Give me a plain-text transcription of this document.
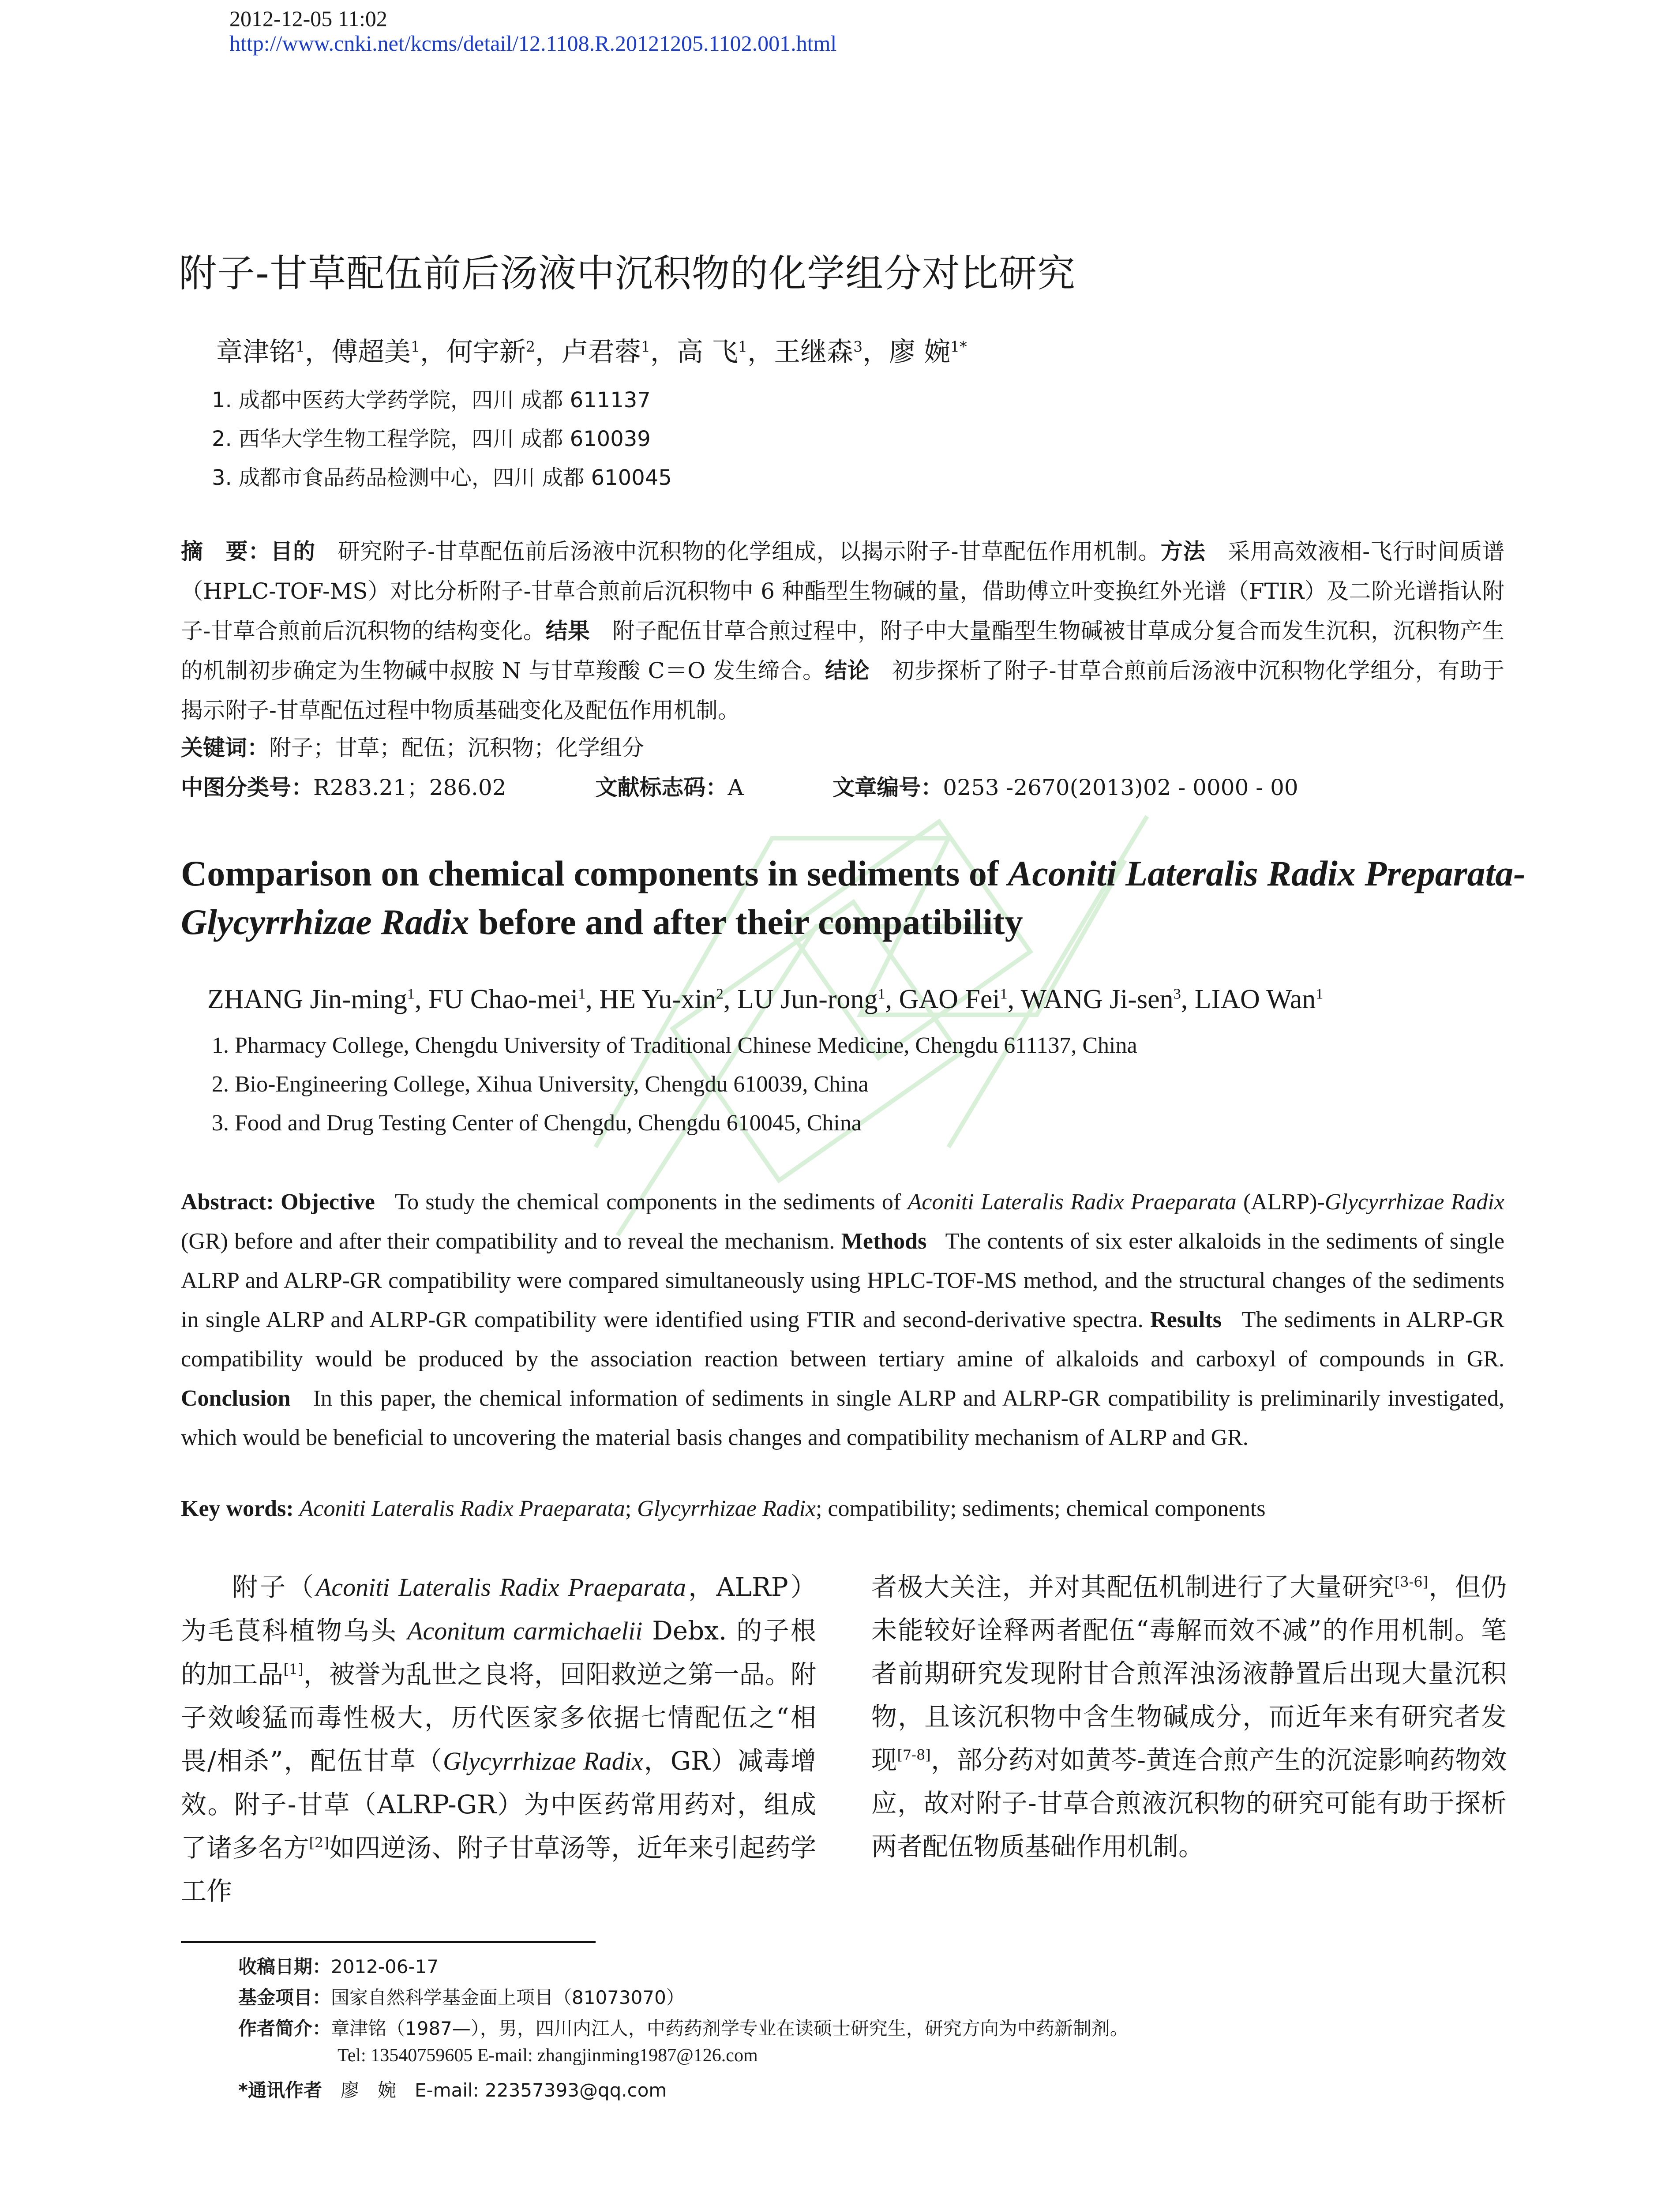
2012-12-05 11:02
http://www.cnki.net/kcms/detail/12.1108.R.20121205.1102.001.html
附子-甘草配伍前后汤液中沉积物的化学组分对比研究
章津铭$^1$，傅超美$^1$，何宇新$^2$，卢君蓉$^1$，高 飞$^1$，王继森$^3$，廖 婉$^{1*}$
1. 成都中医药大学药学院，四川 成都 611137
2. 西华大学生物工程学院，四川 成都 610039
3. 成都市食品药品检测中心，四川 成都 610045
摘　要：目的　 研究附子-甘草配伍前后汤液中沉积物的化学组成，以揭示附子-甘草配伍作用机制。方法　 采用高效液相-飞行时间质谱（HPLC-TOF-MS）对比分析附子-甘草合煎前后沉积物中 6 种酯型生物碱的量，借助傅立叶变换红外光谱（FTIR）及二阶光谱指认附子-甘草合煎前后沉积物的结构变化。结果　 附子配伍甘草合煎过程中，附子中大量酯型生物碱被甘草成分复合而发生沉积，沉积物产生的机制初步确定为生物碱中叔胺 N 与甘草羧酸 C＝O 发生缔合。结论　 初步探析了附子-甘草合煎前后汤液中沉积物化学组分，有助于揭示附子-甘草配伍过程中物质基础变化及配伍作用机制。
关键词：附子；甘草；配伍；沉积物；化学组分
中图分类号：R283.21；286.02	文献标志码：A	文章编号：0253 -2670(2013)02 - 0000 - 00
Comparison on chemical components in sediments of Aconiti Lateralis Radix Preparata-Glycyrrhizae Radix before and after their compatibility
ZHANG Jin-ming$^1$, FU Chao-mei$^1$, HE Yu-xin$^2$, LU Jun-rong$^1$, GAO Fei$^1$, WANG Ji-sen$^3$, LIAO Wan$^1$
1. Pharmacy College, Chengdu University of Traditional Chinese Medicine, Chengdu 611137, China
2. Bio-Engineering College, Xihua University, Chengdu 610039, China
3. Food and Drug Testing Center of Chengdu, Chengdu 610045, China
Abstract: Objective To study the chemical components in the sediments of Aconiti Lateralis Radix Praeparata (ALRP)-Glycyrrhizae Radix (GR) before and after their compatibility and to reveal the mechanism. Methods The contents of six ester alkaloids in the sediments of single ALRP and ALRP-GR compatibility were compared simultaneously using HPLC-TOF-MS method, and the structural changes of the sediments in single ALRP and ALRP-GR compatibility were identified using FTIR and second-derivative spectra. Results The sediments in ALRP-GR compatibility would be produced by the association reaction between tertiary amine of alkaloids and carboxyl of compounds in GR. Conclusion In this paper, the chemical information of sediments in single ALRP and ALRP-GR compatibility is preliminarily investigated, which would be beneficial to uncovering the material basis changes and compatibility mechanism of ALRP and GR.
Key words: Aconiti Lateralis Radix Praeparata; Glycyrrhizae Radix; compatibility; sediments; chemical components
附子（Aconiti Lateralis Radix Praeparata，ALRP）为毛茛科植物乌头 Aconitum carmichaelii Debx. 的子根的加工品[1]，被誉为乱世之良将，回阳救逆之第一品。附子效峻猛而毒性极大，历代医家多依据七情配伍之“相畏/相杀”，配伍甘草（Glycyrrhizae Radix，GR）减毒增效。附子-甘草（ALRP-GR）为中医药常用药对，组成了诸多名方[2]如四逆汤、附子甘草汤等，近年来引起药学工作
者极大关注，并对其配伍机制进行了大量研究[3-6]，但仍未能较好诠释两者配伍“毒解而效不减”的作用机制。笔者前期研究发现附甘合煎浑浊汤液静置后出现大量沉积物，且该沉积物中含生物碱成分，而近年来有研究者发现[7-8]，部分药对如黄芩-黄连合煎产生的沉淀影响药物效应，故对附子-甘草合煎液沉积物的研究可能有助于探析两者配伍物质基础作用机制。
收稿日期：2012-06-17
基金项目：国家自然科学基金面上项目（81073070）
作者简介：章津铭（1987—），男，四川内江人，中药药剂学专业在读硕士研究生，研究方向为中药新制剂。
Tel: 13540759605 E-mail: zhangjinming1987@126.com
*通讯作者　 廖　婉　E-mail: 22357393@qq.com
